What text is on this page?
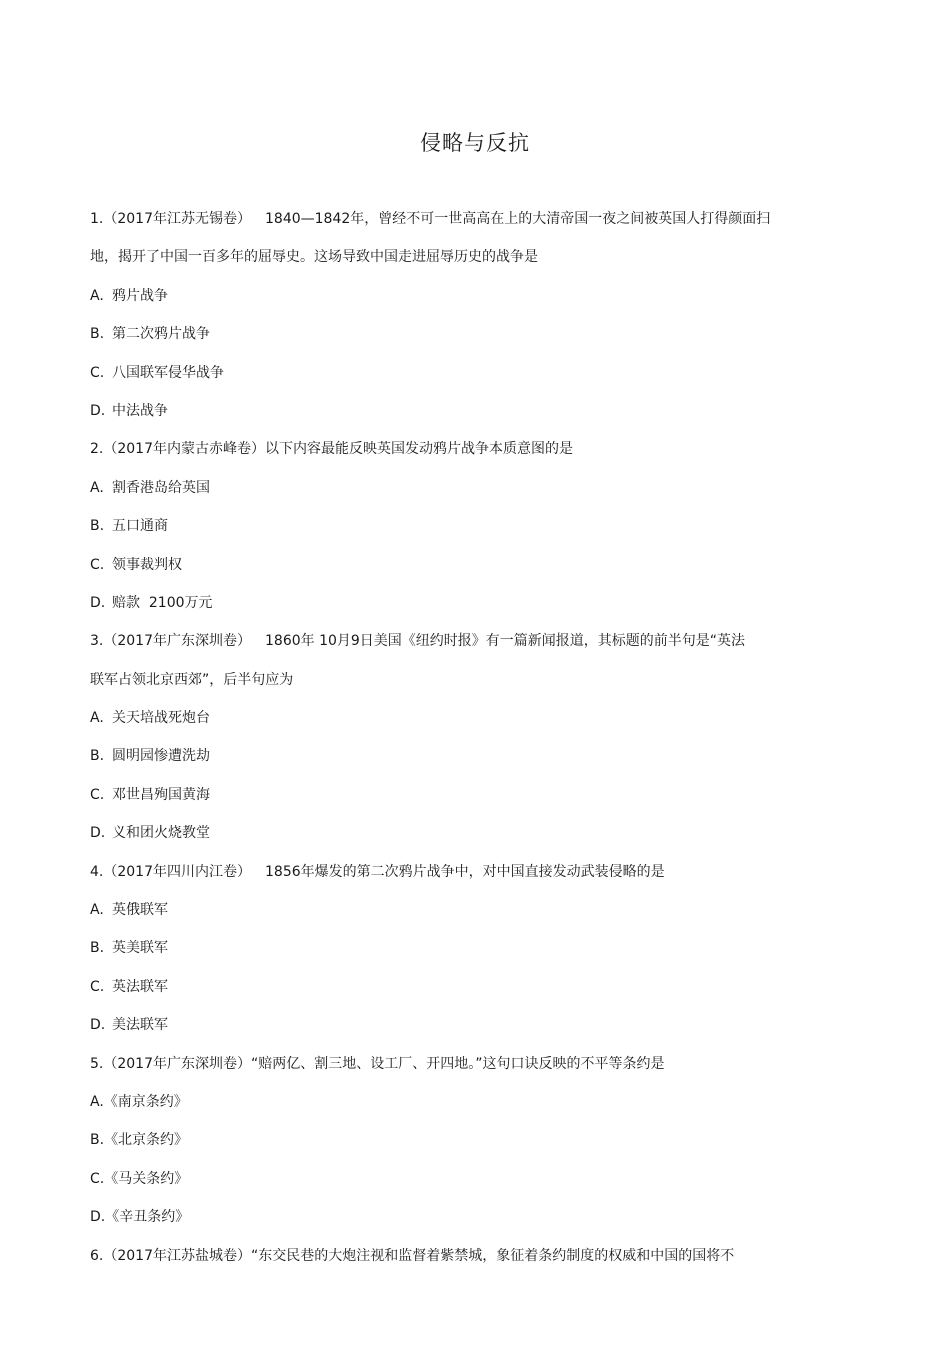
侵略与反抗
1.（2017年江苏无锡卷） 1840—1842年，曾经不可一世高高在上的大清帝国一夜之间被英国人打得颜面扫
地，揭开了中国一百多年的屈辱史。这场导致中国走进屈辱历史的战争是
A. 鸦片战争
B. 第二次鸦片战争
C. 八国联军侵华战争
D. 中法战争
2.（2017年内蒙古赤峰卷）以下内容最能反映英国发动鸦片战争本质意图的是
A. 割香港岛给英国
B. 五口通商
C. 领事裁判权
D. 赔款  2100万元
3.（2017年广东深圳卷） 1860年 10月9日美国《纽约时报》有一篇新闻报道，其标题的前半句是“英法
联军占领北京西郊”，后半句应为
A. 关天培战死炮台
B. 圆明园惨遭洗劫
C. 邓世昌殉国黄海
D. 义和团火烧教堂
4.（2017年四川内江卷） 1856年爆发的第二次鸦片战争中，对中国直接发动武装侵略的是
A. 英俄联军
B. 英美联军
C. 英法联军
D. 美法联军
5.（2017年广东深圳卷）“赔两亿、割三地、设工厂、开四地。”这句口诀反映的不平等条约是
A.《南京条约》
B.《北京条约》
C.《马关条约》
D.《辛丑条约》
6.（2017年江苏盐城卷）“东交民巷的大炮注视和监督着紫禁城，象征着条约制度的权威和中国的国将不
